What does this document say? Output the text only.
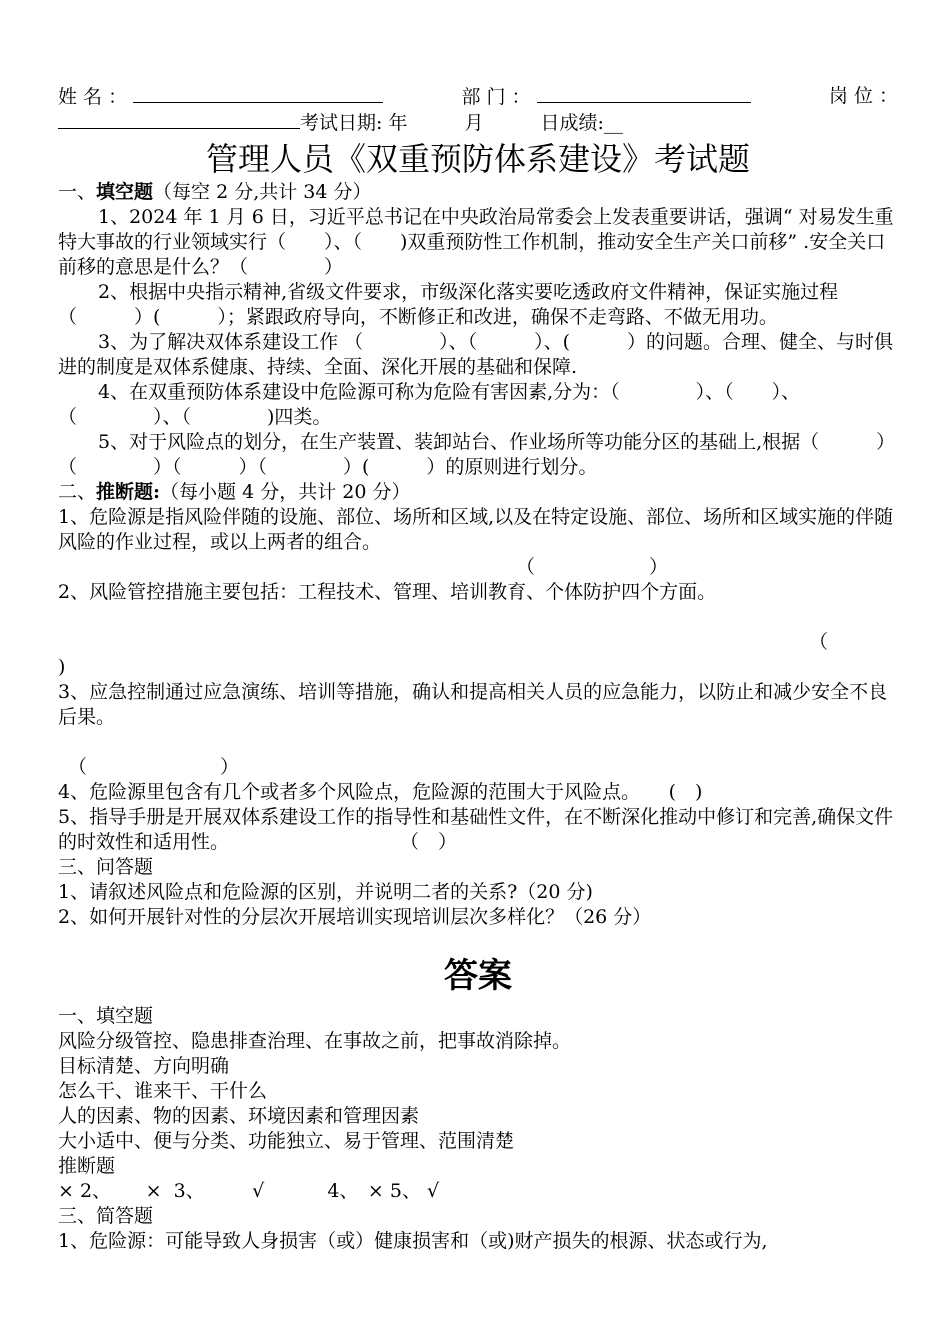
姓 名 ：	部 门 ：	岗 位 ：
考试日期: 年　　　	月　　　	日成绩:__
管理人员《双重预防体系建设》考试题
一、填空题（每空 2 分,共计 34 分）
1、2024 年 1 月 6 日，习近平总书记在中央政治局常委会上发表重要讲话，强调“ 对易发生重特大事故的行业领域实行（　　）、（　　)双重预防性工作机制，推动安全生产关口前移” .安全关口前移的意思是什么？（　　　　）
2、根据中央指示精神,省级文件要求，市级深化落实要吃透政府文件精神，保证实施过程 （　　　）(　　　）；紧跟政府导向，不断修正和改进，确保不走弯路、不做无用功。
3、为了解决双体系建设工作 （　　　　）、（　　　）、(　　　）的问题。合理、健全、与时俱进的制度是双体系健康、持续、全面、深化开展的基础和保障.
4、在双重预防体系建设中危险源可称为危险有害因素,分为：（　　　　）、（　　）、（　　　　）、（　　　　)四类。
5、对于风险点的划分，在生产装置、装卸站台、作业场所等功能分区的基础上,根据（　　　）（　　　　）（　　　）（　　　　）(　　　）的原则进行划分。
二、推断题:（每小题 4 分，共计 20 分）
1、危险源是指风险伴随的设施、部位、场所和区域,以及在特定设施、部位、场所和区域实施的伴随风险的作业过程，或以上两者的组合。
（　　　　　　）
2、风险管控措施主要包括：工程技术、管理、培训教育、个体防护四个方面。
（
)
3、应急控制通过应急演练、培训等措施，确认和提高相关人员的应急能力，以防止和减少安全不良后果。
（　　　　　　　）
4、危险源里包含有几个或者多个风险点，危险源的范围大于风险点。　　(　)
5、指导手册是开展双体系建设工作的指导性和基础性文件，在不断深化推动中修订和完善,确保文件的时效性和适用性。　　　　　　　　　　（　）
三、问答题
1、请叙述风险点和危险源的区别，并说明二者的关系?（20 分)
2、如何开展针对性的分层次开展培训实现培训层次多样化？（26 分）
答案
一、填空题
风险分级管控、隐患排查治理、在事故之前，把事故消除掉。
目标清楚、方向明确
怎么干、谁来干、干什么
人的因素、物的因素、环境因素和管理因素
大小适中、便与分类、功能独立、易于管理、范围清楚
推断题
× 2、　　 ×  3、　　　√　　　 4、　× 5、 √
三、简答题
1、危险源：可能导致人身损害（或）健康损害和（或)财产损失的根源、状态或行为,
